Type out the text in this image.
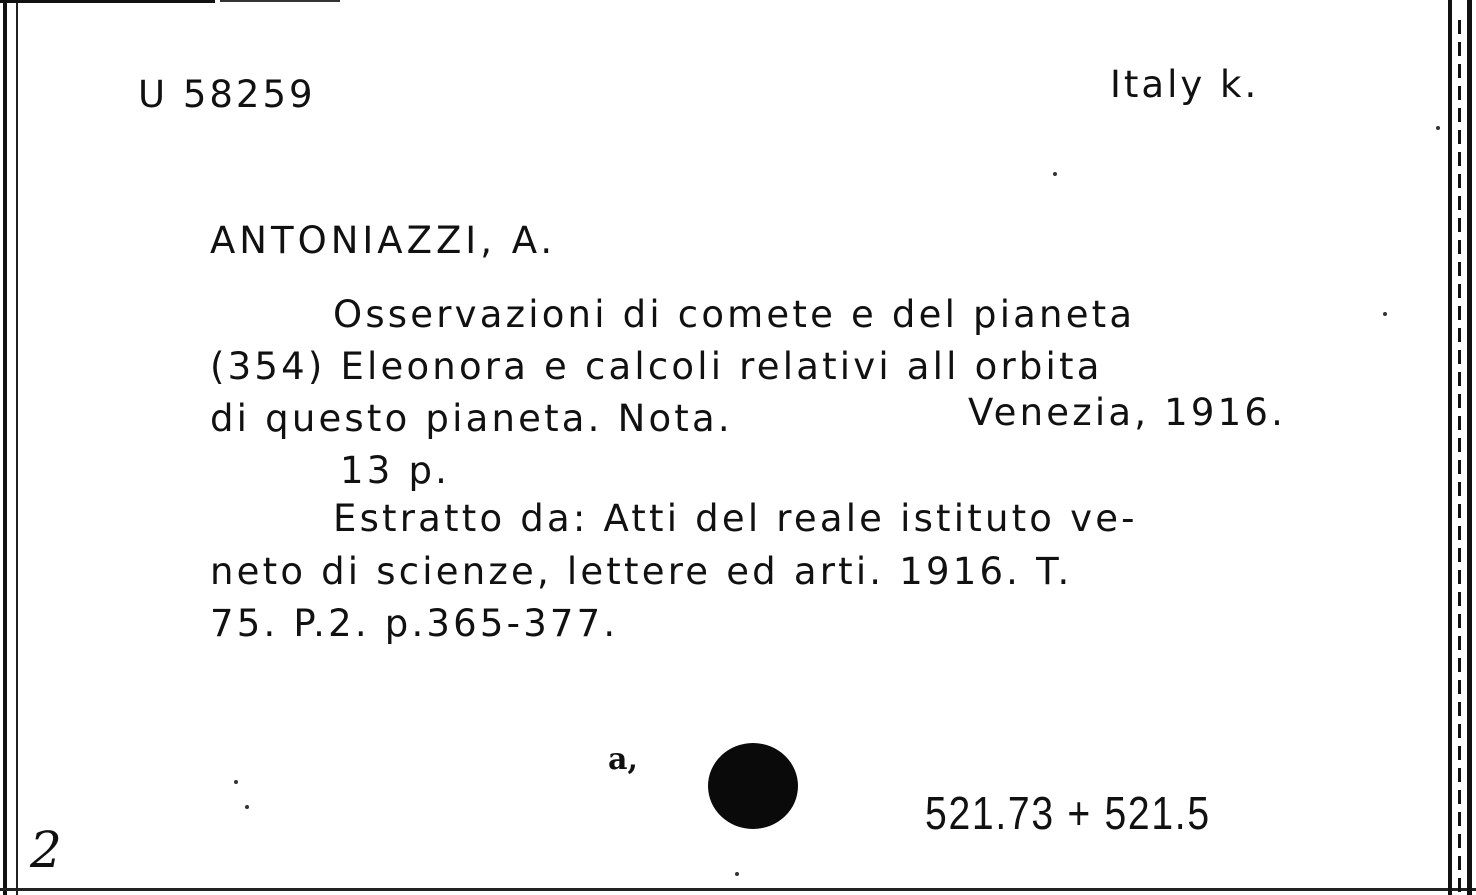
U 58259	Italy k.
ANTONIAZZI, A.
Osservazioni di comete e del pianeta
(354) Eleonora e calcoli relativi all orbita
di questo pianeta. Nota.	Venezia, 1916.
13 p.
Estratto da: Atti del reale istituto ve-
neto di scienze, lettere ed arti. 1916. T.
75. P.2. p.365-377.
a,
521.73 + 521.5
2
